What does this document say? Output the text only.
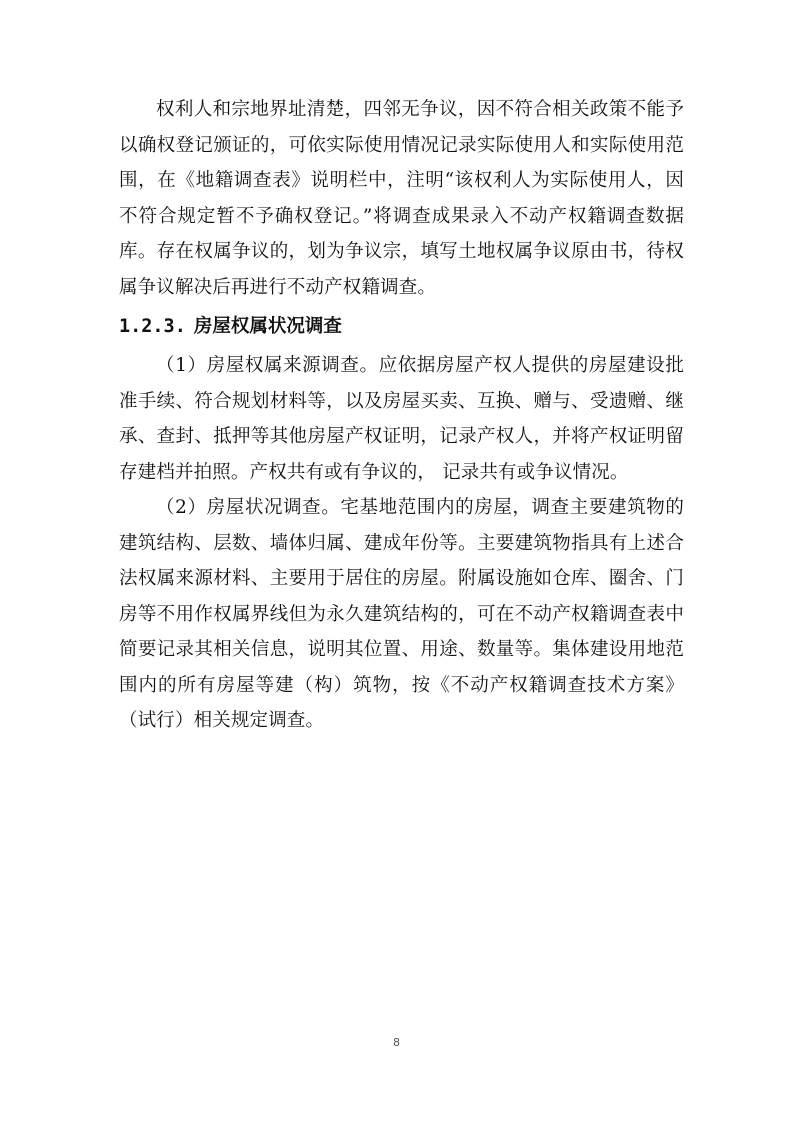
权利人和宗地界址清楚，四邻无争议，因不符合相关政策不能予以确权登记颁证的，可依实际使用情况记录实际使用人和实际使用范围，在《地籍调查表》说明栏中，注明“该权利人为实际使用人，因不符合规定暂不予确权登记。”将调查成果录入不动产权籍调查数据库。存在权属争议的，划为争议宗，填写土地权属争议原由书，待权属争议解决后再进行不动产权籍调查。

1.2.3. 房屋权属状况调查

（1）房屋权属来源调查。应依据房屋产权人提供的房屋建设批准手续、符合规划材料等，以及房屋买卖、互换、赠与、受遗赠、继承、查封、抵押等其他房屋产权证明，记录产权人，并将产权证明留存建档并拍照。产权共有或有争议的， 记录共有或争议情况。

（2）房屋状况调查。宅基地范围内的房屋，调查主要建筑物的建筑结构、层数、墙体归属、建成年份等。主要建筑物指具有上述合法权属来源材料、主要用于居住的房屋。附属设施如仓库、圈舍、门房等不用作权属界线但为永久建筑结构的，可在不动产权籍调查表中简要记录其相关信息，说明其位置、用途、数量等。集体建设用地范围内的所有房屋等建（构）筑物，按《不动产权籍调查技术方案》（试行）相关规定调查。

8
